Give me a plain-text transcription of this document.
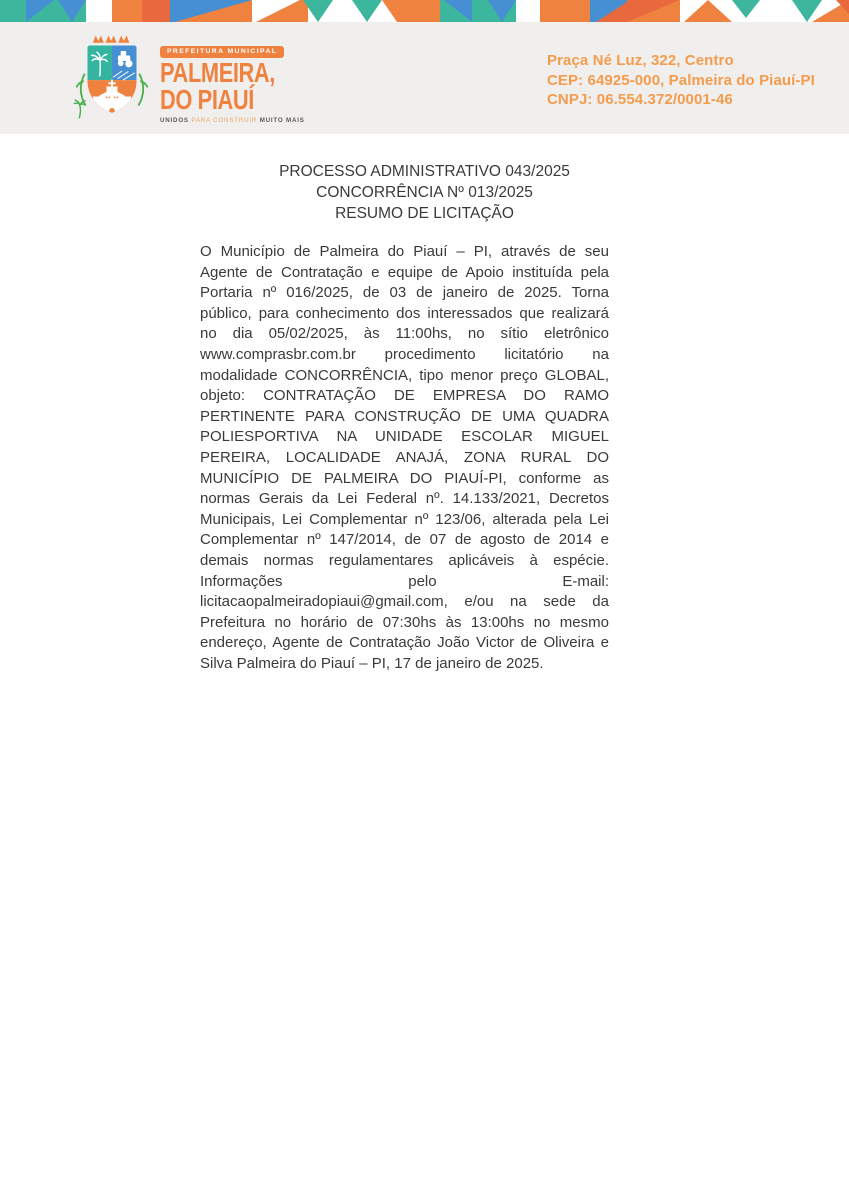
PREFEITURA MUNICIPAL
PALMEIRA,
DO PIAUÍ
UNIDOS PARA CONSTRUIR MUITO MAIS
Praça Né Luz, 322, Centro
CEP: 64925-000, Palmeira do Piauí-PI
CNPJ: 06.554.372/0001-46
PROCESSO ADMINISTRATIVO 043/2025
CONCORRÊNCIA Nº 013/2025
RESUMO DE LICITAÇÃO

O Município de Palmeira do Piauí – PI, através de seu Agente de Contratação e equipe de Apoio instituída pela Portaria nº 016/2025, de 03 de janeiro de 2025. Torna público, para conhecimento dos interessados que realizará no dia 05/02/2025, às 11:00hs, no sítio eletrônico www.comprasbr.com.br procedimento licitatório na modalidade CONCORRÊNCIA, tipo menor preço GLOBAL, objeto: CONTRATAÇÃO DE EMPRESA DO RAMO PERTINENTE PARA CONSTRUÇÃO DE UMA QUADRA POLIESPORTIVA NA UNIDADE ESCOLAR MIGUEL PEREIRA, LOCALIDADE ANAJÁ, ZONA RURAL DO MUNICÍPIO DE PALMEIRA DO PIAUÍ-PI, conforme as normas Gerais da Lei Federal nº. 14.133/2021, Decretos Municipais, Lei Complementar nº 123/06, alterada pela Lei Complementar nº 147/2014, de 07 de agosto de 2014 e demais normas regulamentares aplicáveis à espécie. Informações pelo E-mail: licitacaopalmeiradopiaui@gmail.com, e/ou na sede da Prefeitura no horário de 07:30hs às 13:00hs no mesmo endereço, Agente de Contratação João Victor de Oliveira e Silva Palmeira do Piauí – PI, 17 de janeiro de 2025.
